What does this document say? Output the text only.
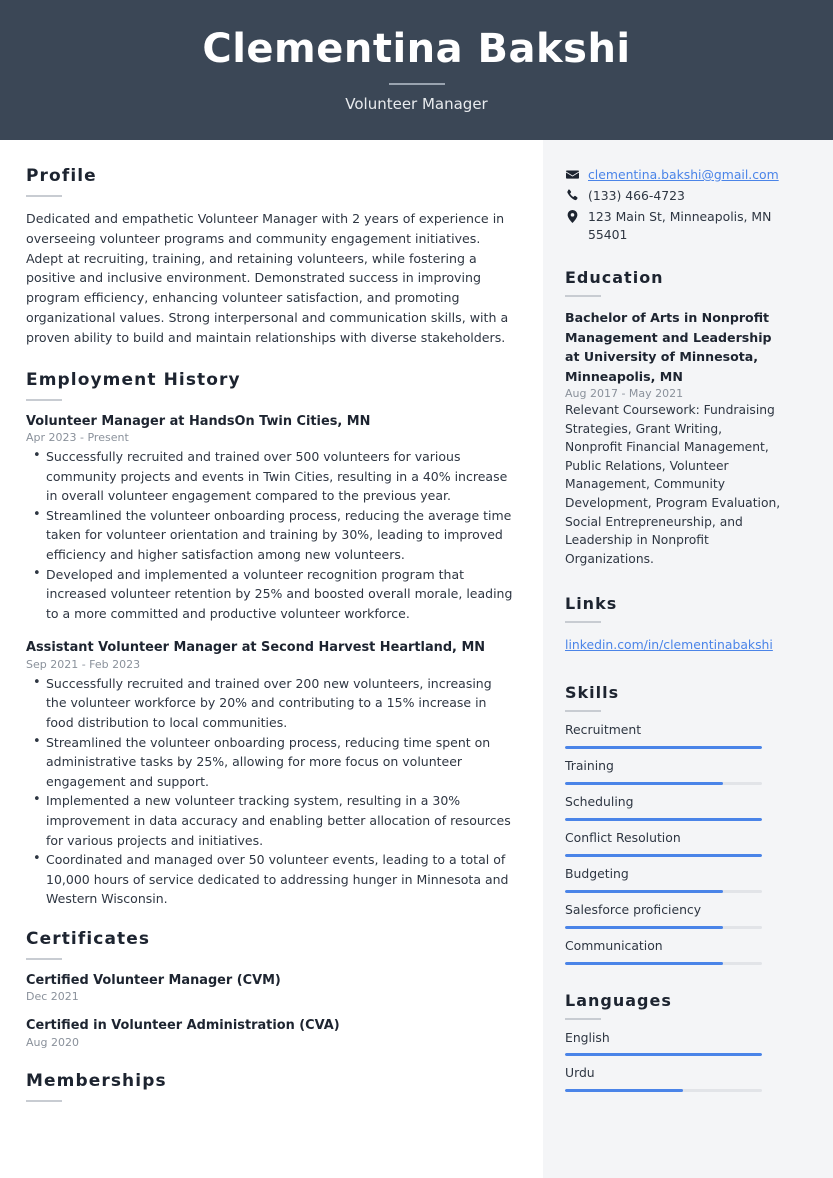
Clementina Bakshi
Volunteer Manager
Profile

Dedicated and empathetic Volunteer Manager with 2 years of experience in overseeing volunteer programs and community engagement initiatives. Adept at recruiting, training, and retaining volunteers, while fostering a positive and inclusive environment. Demonstrated success in improving program efficiency, enhancing volunteer satisfaction, and promoting organizational values. Strong interpersonal and communication skills, with a proven ability to build and maintain relationships with diverse stakeholders.

Employment History
Volunteer Manager at HandsOn Twin Cities, MN
Apr 2023 - Present
• Successfully recruited and trained over 500 volunteers for various community projects and events in Twin Cities, resulting in a 40% increase in overall volunteer engagement compared to the previous year.
• Streamlined the volunteer onboarding process, reducing the average time taken for volunteer orientation and training by 30%, leading to improved efficiency and higher satisfaction among new volunteers.
• Developed and implemented a volunteer recognition program that increased volunteer retention by 25% and boosted overall morale, leading to a more committed and productive volunteer workforce.
Assistant Volunteer Manager at Second Harvest Heartland, MN
Sep 2021 - Feb 2023
• Successfully recruited and trained over 200 new volunteers, increasing the volunteer workforce by 20% and contributing to a 15% increase in food distribution to local communities.
• Streamlined the volunteer onboarding process, reducing time spent on administrative tasks by 25%, allowing for more focus on volunteer engagement and support.
• Implemented a new volunteer tracking system, resulting in a 30% improvement in data accuracy and enabling better allocation of resources for various projects and initiatives.
• Coordinated and managed over 50 volunteer events, leading to a total of 10,000 hours of service dedicated to addressing hunger in Minnesota and Western Wisconsin.
Certificates
Certified Volunteer Manager (CVM)
Dec 2021
Certified in Volunteer Administration (CVA)
Aug 2020
Memberships
clementina.bakshi@gmail.com
(133) 466-4723
123 Main St, Minneapolis, MN 55401
Education
Bachelor of Arts in Nonprofit Management and Leadership at University of Minnesota, Minneapolis, MN
Aug 2017 - May 2021
Relevant Coursework: Fundraising Strategies, Grant Writing, Nonprofit Financial Management, Public Relations, Volunteer Management, Community Development, Program Evaluation, Social Entrepreneurship, and Leadership in Nonprofit Organizations.
Links
linkedin.com/in/clementinabakshi
Skills
Recruitment
Training
Scheduling
Conflict Resolution
Budgeting
Salesforce proficiency
Communication
Languages
English
Urdu
